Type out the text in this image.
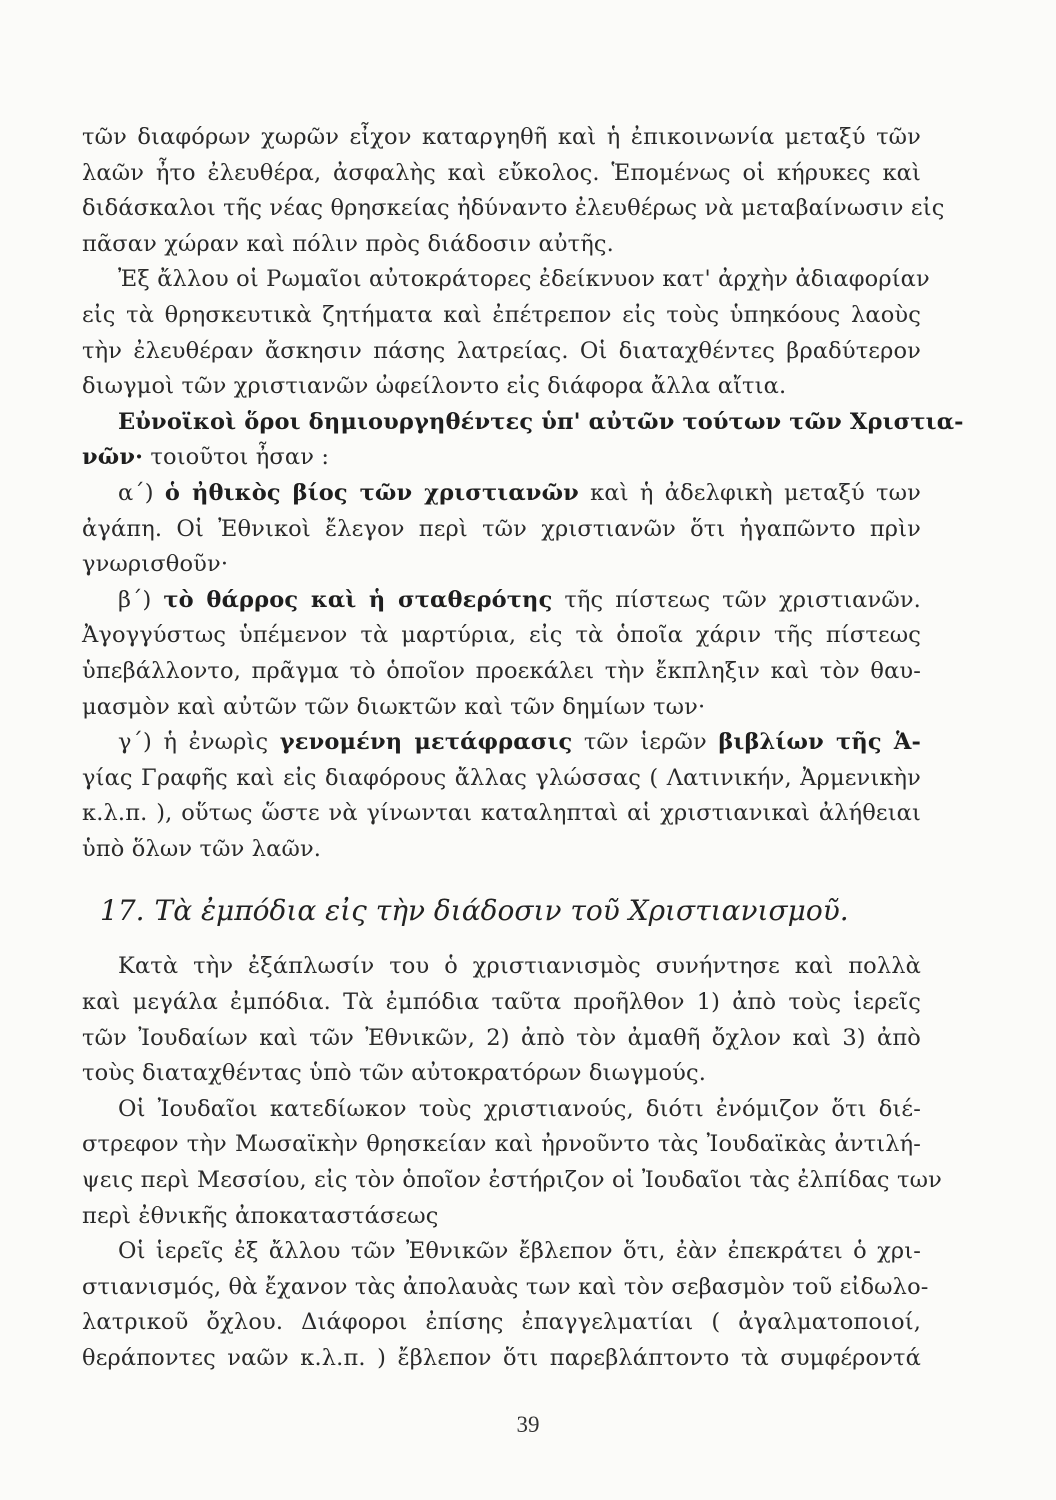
τῶν διαφόρων χωρῶν εἶχον καταργηθῆ καὶ ἡ ἐπικοινωνία μεταξύ τῶν
λαῶν ἦτο ἐλευθέρα, ἀσφαλὴς καὶ εὔκολος. Ἑπομένως οἱ κήρυκες καὶ
διδάσκαλοι τῆς νέας θρησκείας ἠδύναντο ἐλευθέρως νὰ μεταβαίνωσιν εἰς
πᾶσαν χώραν καὶ πόλιν πρὸς διάδοσιν αὐτῆς.
Ἐξ ἄλλου οἱ Ρωμαῖοι αὐτοκράτορες ἐδείκνυον κατ' ἀρχὴν ἀδιαφορίαν
εἰς τὰ θρησκευτικὰ ζητήματα καὶ ἐπέτρεπον εἰς τοὺς ὑπηκόους λαοὺς
τὴν ἐλευθέραν ἄσκησιν πάσης λατρείας. Οἱ διαταχθέντες βραδύτερον
διωγμοὶ τῶν χριστιανῶν ὠφείλοντο εἰς διάφορα ἄλλα αἴτια.
Εὐνοϊκοὶ ὅροι δημιουργηθέντες ὑπ' αὐτῶν τούτων τῶν Χριστια-
νῶν· τοιοῦτοι ἦσαν :
α΄) ὁ ἠθικὸς βίος τῶν χριστιανῶν καὶ ἡ ἀδελφικὴ μεταξύ των
ἀγάπη. Οἱ Ἐθνικοὶ ἔλεγον περὶ τῶν χριστιανῶν ὅτι ἠγαπῶντο πρὶν
γνωρισθοῦν·
β΄) τὸ θάρρος καὶ ἡ σταθερότης τῆς πίστεως τῶν χριστιανῶν.
Ἀγογγύστως ὑπέμενον τὰ μαρτύρια, εἰς τὰ ὁποῖα χάριν τῆς πίστεως
ὑπεβάλλοντο, πρᾶγμα τὸ ὁποῖον προεκάλει τὴν ἔκπληξιν καὶ τὸν θαυ-
μασμὸν καὶ αὐτῶν τῶν διωκτῶν καὶ τῶν δημίων των·
γ΄) ἡ ἐνωρὶς γενομένη μετάφρασις τῶν ἱερῶν βιβλίων τῆς Ἁ-
γίας Γραφῆς καὶ εἰς διαφόρους ἄλλας γλώσσας ( Λατινικήν, Ἀρμενικὴν
κ.λ.π. ), οὕτως ὥστε νὰ γίνωνται καταληπταὶ αἱ χριστιανικαὶ ἀλήθειαι
ὑπὸ ὅλων τῶν λαῶν.
17. Τὰ ἐμπόδια εἰς τὴν διάδοσιν τοῦ Χριστιανισμοῦ.
Κατὰ τὴν ἐξάπλωσίν του ὁ χριστιανισμὸς συνήντησε καὶ πολλὰ
καὶ μεγάλα ἐμπόδια. Τὰ ἐμπόδια ταῦτα προῆλθον 1) ἀπὸ τοὺς ἱερεῖς
τῶν Ἰουδαίων καὶ τῶν Ἐθνικῶν, 2) ἀπὸ τὸν ἀμαθῆ ὄχλον καὶ 3) ἀπὸ
τοὺς διαταχθέντας ὑπὸ τῶν αὐτοκρατόρων διωγμούς.
Οἱ Ἰουδαῖοι κατεδίωκον τοὺς χριστιανούς, διότι ἐνόμιζον ὅτι διέ-
στρεφον τὴν Μωσαϊκὴν θρησκείαν καὶ ἠρνοῦντο τὰς Ἰουδαϊκὰς ἀντιλή-
ψεις περὶ Μεσσίου, εἰς τὸν ὁποῖον ἐστήριζον οἱ Ἰουδαῖοι τὰς ἐλπίδας των
περὶ ἐθνικῆς ἀποκαταστάσεως
Οἱ ἱερεῖς ἐξ ἄλλου τῶν Ἐθνικῶν ἔβλεπον ὅτι, ἐὰν ἐπεκράτει ὁ χρι-
στιανισμός, θὰ ἔχανον τὰς ἀπολαυὰς των καὶ τὸν σεβασμὸν τοῦ εἰδωλο-
λατρικοῦ ὄχλου. Διάφοροι ἐπίσης ἐπαγγελματίαι ( ἀγαλματοποιοί,
θεράποντες ναῶν κ.λ.π. ) ἔβλεπον ὅτι παρεβλάπτοντο τὰ συμφέροντά
39
